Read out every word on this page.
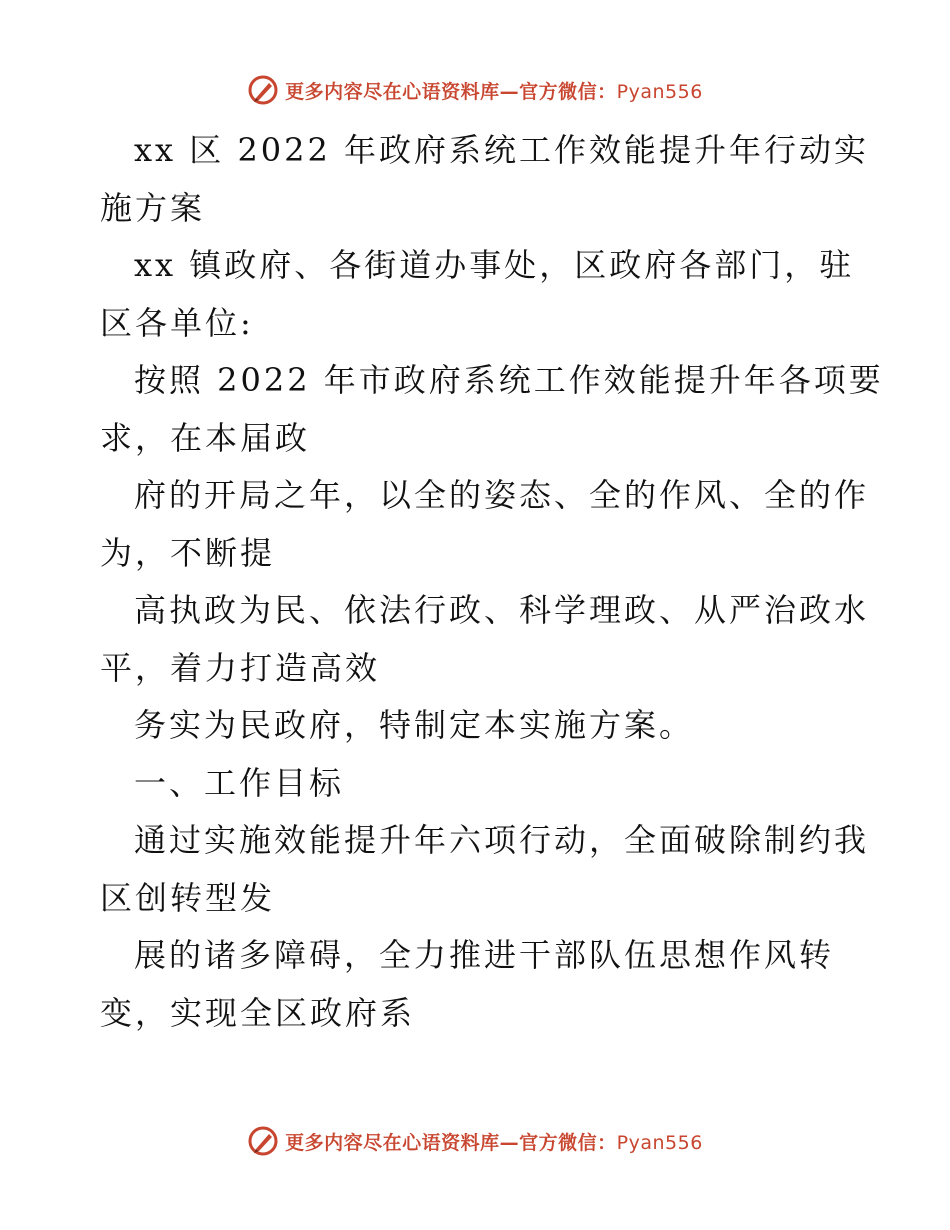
更多内容尽在心语资料库—官方微信：Pyan556
xx 区 2022 年政府系统工作效能提升年行动实
施方案
xx 镇政府、各街道办事处，区政府各部门，驻
区各单位:
按照 2022 年市政府系统工作效能提升年各项要
求，在本届政
府的开局之年，以全的姿态、全的作风、全的作
为，不断提
高执政为民、依法行政、科学理政、从严治政水
平，着力打造高效
务实为民政府，特制定本实施方案。
一、工作目标
通过实施效能提升年六项行动，全面破除制约我
区创转型发
展的诸多障碍，全力推进干部队伍思想作风转
变，实现全区政府系
更多内容尽在心语资料库—官方微信：Pyan556
